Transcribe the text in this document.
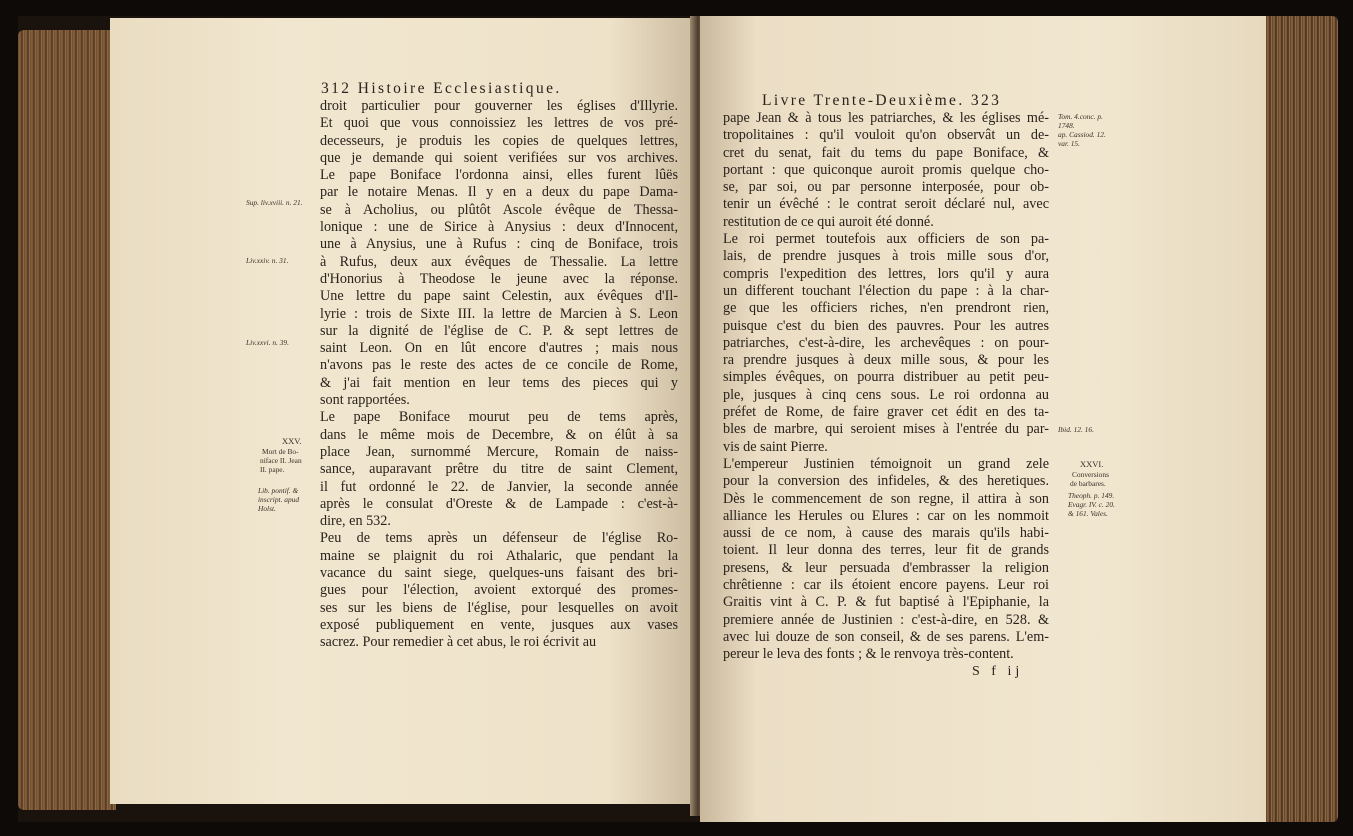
312 Histoire Ecclesiastique.
droit particulier pour gouverner les églises d'Illyrie.
Et quoi que vous connoissiez les lettres de vos pré-
decesseurs, je produis les copies de quelques lettres,
que je demande qui soient verifiées sur vos archives.
Le pape Boniface l'ordonna ainsi, elles furent lûës
par le notaire Menas. Il y en a deux du pape Dama-
se à Acholius, ou plûtôt Ascole évêque de Thessa-
lonique : une de Sirice à Anysius : deux d'Innocent,
une à Anysius, une à Rufus : cinq de Boniface, trois
à Rufus, deux aux évêques de Thessalie. La lettre
d'Honorius à Theodose le jeune avec la réponse.
Une lettre du pape saint Celestin, aux évêques d'Il-
lyrie : trois de Sixte III. la lettre de Marcien à S. Leon
sur la dignité de l'église de C. P. & sept lettres de
saint Leon. On en lût encore d'autres ; mais nous
n'avons pas le reste des actes de ce concile de Rome,
& j'ai fait mention en leur tems des pieces qui y
sont rapportées.
Le pape Boniface mourut peu de tems après,
dans le même mois de Decembre, & on élût à sa
place Jean, surnommé Mercure, Romain de naiss-
sance, auparavant prêtre du titre de saint Clement,
il fut ordonné le 22. de Janvier, la seconde année
après le consulat d'Oreste & de Lampade : c'est-à-
dire, en 532.
Peu de tems après un défenseur de l'église Ro-
maine se plaignit du roi Athalaric, que pendant la
vacance du saint siege, quelques-uns faisant des bri-
gues pour l'élection, avoient extorqué des promes-
ses sur les biens de l'église, pour lesquelles on avoit
exposé publiquement en vente, jusques aux vases
sacrez. Pour remedier à cet abus, le roi écrivit au
Sup. liv.xviii. n. 21.
Liv.xxiv. n. 31.
Liv.xxvi. n. 39.
XXV.
Mort de Bo-
niface II. Jean
II. pape.
Lib. pontif. &
inscript. apud
Holst.
Livre Trente-Deuxième. 323
pape Jean & à tous les patriarches, & les églises mé-
tropolitaines : qu'il vouloit qu'on observât un de-
cret du senat, fait du tems du pape Boniface, &
portant : que quiconque auroit promis quelque cho-
se, par soi, ou par personne interposée, pour ob-
tenir un évêché : le contrat seroit déclaré nul, avec
restitution de ce qui auroit été donné.
Le roi permet toutefois aux officiers de son pa-
lais, de prendre jusques à trois mille sous d'or,
compris l'expedition des lettres, lors qu'il y aura
un different touchant l'élection du pape : à la char-
ge que les officiers riches, n'en prendront rien,
puisque c'est du bien des pauvres. Pour les autres
patriarches, c'est-à-dire, les archevêques : on pour-
ra prendre jusques à deux mille sous, & pour les
simples évêques, on pourra distribuer au petit peu-
ple, jusques à cinq cens sous. Le roi ordonna au
préfet de Rome, de faire graver cet édit en des ta-
bles de marbre, qui seroient mises à l'entrée du par-
vis de saint Pierre.
L'empereur Justinien témoignoit un grand zele
pour la conversion des infideles, & des heretiques.
Dès le commencement de son regne, il attira à son
alliance les Herules ou Elures : car on les nommoit
aussi de ce nom, à cause des marais qu'ils habi-
toient. Il leur donna des terres, leur fit de grands
presens, & leur persuada d'embrasser la religion
chrêtienne : car ils étoient encore payens. Leur roi
Graitis vint à C. P. & fut baptisé à l'Epiphanie, la
premiere année de Justinien : c'est-à-dire, en 528. &
avec lui douze de son conseil, & de ses parens. L'em-
pereur le leva des fonts ; & le renvoya très-content.
S f ij
Tom. 4.conc. p.
1748.
ap. Cassiod. 12.
var. 15.
Ibid. 12. 16.
XXVI.
Conversions
de barbares.
Theoph. p. 149.
Evagr. IV. c. 20.
& 161. Vales.
